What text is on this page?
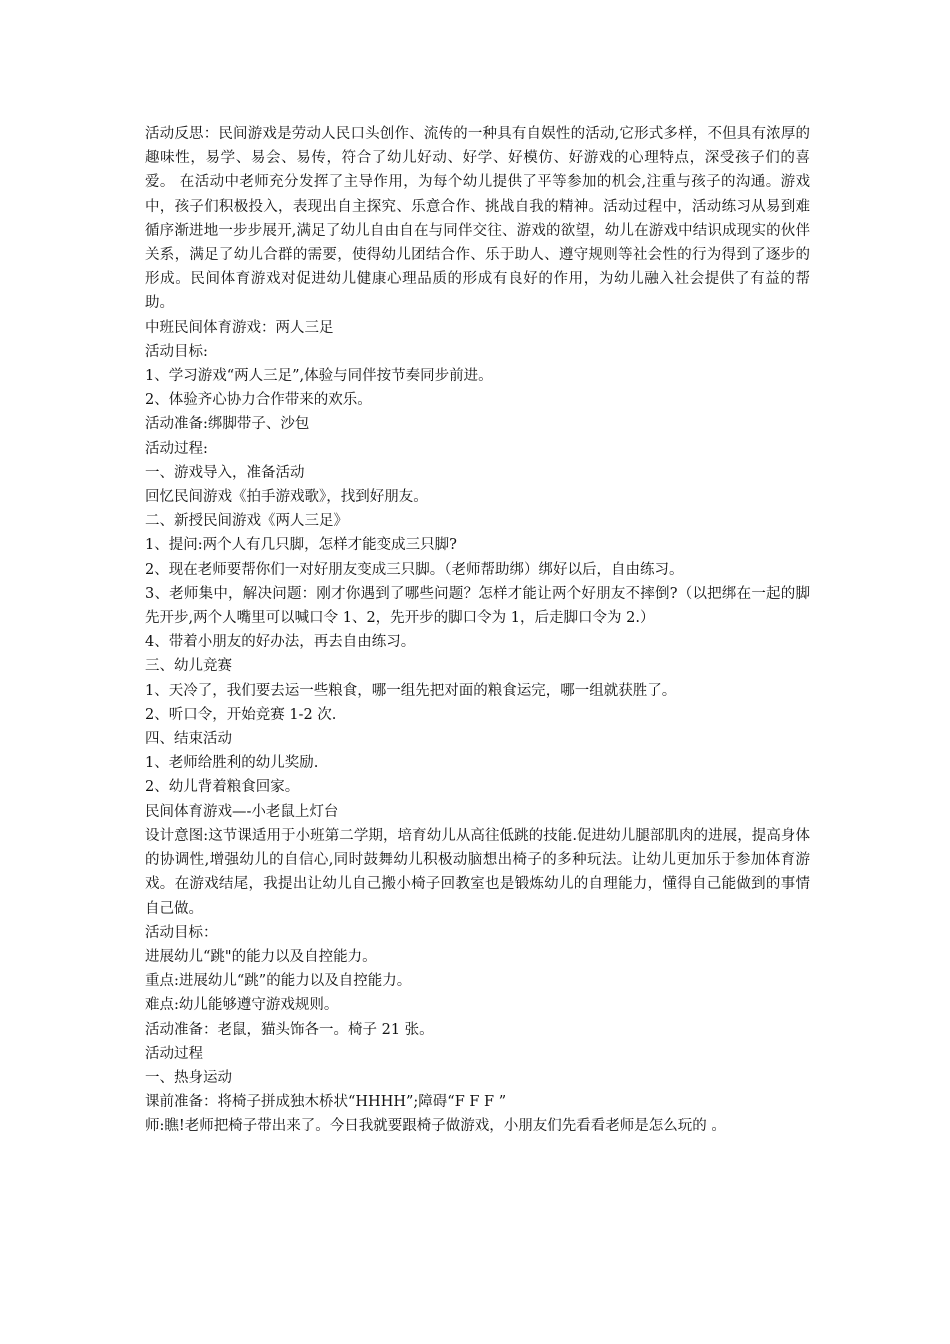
活动反思：民间游戏是劳动人民口头创作、流传的一种具有自娱性的活动,它形式多样，不但具有浓厚的趣味性，易学、易会、易传，符合了幼儿好动、好学、好模仿、好游戏的心理特点，深受孩子们的喜爱。 在活动中老师充分发挥了主导作用，为每个幼儿提供了平等参加的机会,注重与孩子的沟通。游戏中，孩子们积极投入，表现出自主探究、乐意合作、挑战自我的精神。活动过程中，活动练习从易到难循序渐进地一步步展开,满足了幼儿自由自在与同伴交往、游戏的欲望，幼儿在游戏中结识成现实的伙伴关系，满足了幼儿合群的需要，使得幼儿团结合作、乐于助人、遵守规则等社会性的行为得到了逐步的形成。民间体育游戏对促进幼儿健康心理品质的形成有良好的作用，为幼儿融入社会提供了有益的帮助。

中班民间体育游戏：两人三足

活动目标:

1、学习游戏“两人三足”,体验与同伴按节奏同步前进。

2、体验齐心协力合作带来的欢乐。

活动准备:绑脚带子、沙包

活动过程:

一、游戏导入，准备活动

回忆民间游戏《拍手游戏歌》，找到好朋友。

二、新授民间游戏《两人三足》

1、提问:两个人有几只脚，怎样才能变成三只脚?

2、现在老师要帮你们一对好朋友变成三只脚。（老师帮助绑）绑好以后，自由练习。

3、老师集中，解决问题：刚才你遇到了哪些问题？怎样才能让两个好朋友不摔倒?（以把绑在一起的脚先开步,两个人嘴里可以喊口令 1、2，先开步的脚口令为 1，后走脚口令为 2.）

4、带着小朋友的好办法，再去自由练习。

三、幼儿竞赛

1、天冷了，我们要去运一些粮食，哪一组先把对面的粮食运完，哪一组就获胜了。

2、听口令，开始竞赛 1-2 次.

四、结束活动

1、老师给胜利的幼儿奖励.

2、幼儿背着粮食回家。

民间体育游戏—-小老鼠上灯台

设计意图:这节课适用于小班第二学期，培育幼儿从高往低跳的技能.促进幼儿腿部肌肉的进展，提高身体的协调性,增强幼儿的自信心,同时鼓舞幼儿积极动脑想出椅子的多种玩法。让幼儿更加乐于参加体育游戏。在游戏结尾，我提出让幼儿自己搬小椅子回教室也是锻炼幼儿的自理能力，懂得自己能做到的事情自己做。

活动目标：

进展幼儿“跳"的能力以及自控能力。

重点:进展幼儿“跳”的能力以及自控能力。

难点:幼儿能够遵守游戏规则。

活动准备：老鼠，猫头饰各一。椅子 21 张。

活动过程

一、热身运动

课前准备：将椅子拼成独木桥状“HHHH”;障碍“F F F ”

师:瞧!老师把椅子带出来了。今日我就要跟椅子做游戏，小朋友们先看看老师是怎么玩的 。
